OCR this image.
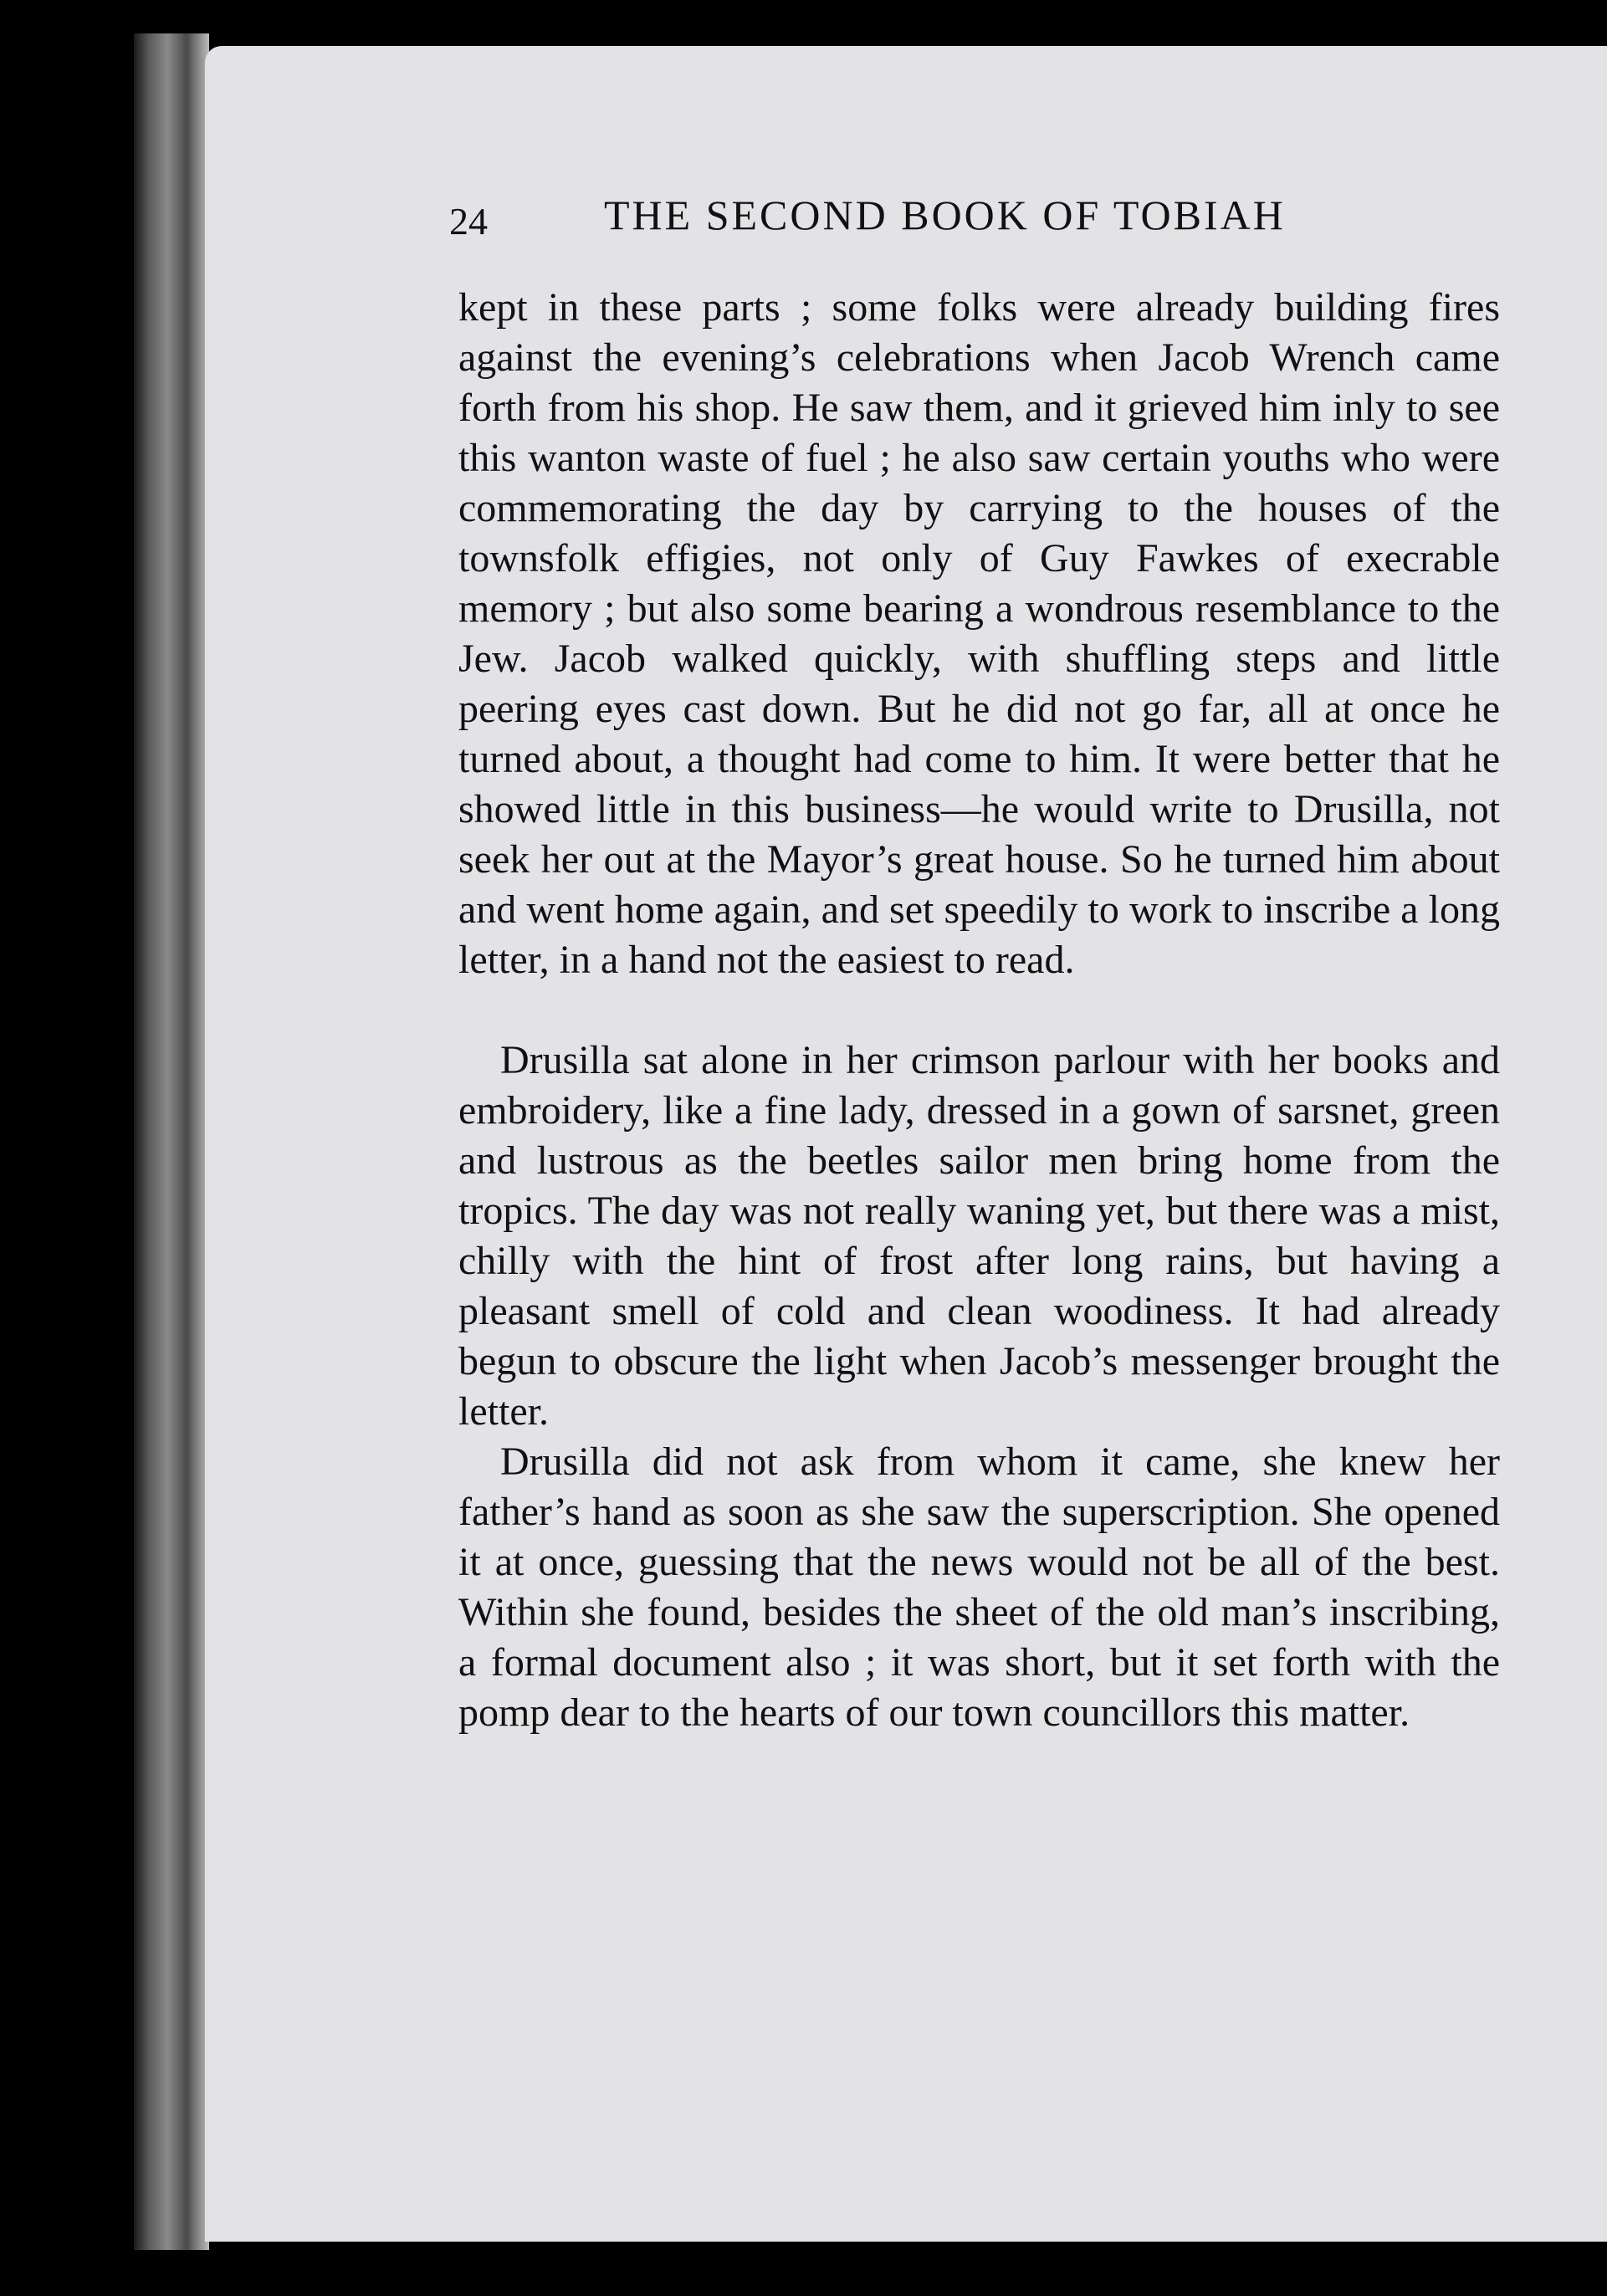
24	THE SECOND BOOK OF TOBIAH

kept in these parts ; some folks were already building fires against the evening’s celebrations when Jacob Wrench came forth from his shop. He saw them, and it grieved him inly to see this wanton waste of fuel ; he also saw certain youths who were commemorating the day by carrying to the houses of the townsfolk effigies, not only of Guy Fawkes of execrable memory ; but also some bearing a wondrous resemblance to the Jew. Jacob walked quickly, with shuffling steps and little peering eyes cast down. But he did not go far, all at once he turned about, a thought had come to him. It were better that he showed little in this business—he would write to Drusilla, not seek her out at the Mayor’s great house. So he turned him about and went home again, and set speedily to work to inscribe a long letter, in a hand not the easiest to read.

Drusilla sat alone in her crimson parlour with her books and embroidery, like a fine lady, dressed in a gown of sarsnet, green and lustrous as the beetles sailor men bring home from the tropics. The day was not really waning yet, but there was a mist, chilly with the hint of frost after long rains, but having a pleasant smell of cold and clean woodiness. It had already begun to obscure the light when Jacob’s messenger brought the letter.

Drusilla did not ask from whom it came, she knew her father’s hand as soon as she saw the superscription. She opened it at once, guessing that the news would not be all of the best. Within she found, besides the sheet of the old man’s inscribing, a formal document also ; it was short, but it set forth with the pomp dear to the hearts of our town councillors this matter.
